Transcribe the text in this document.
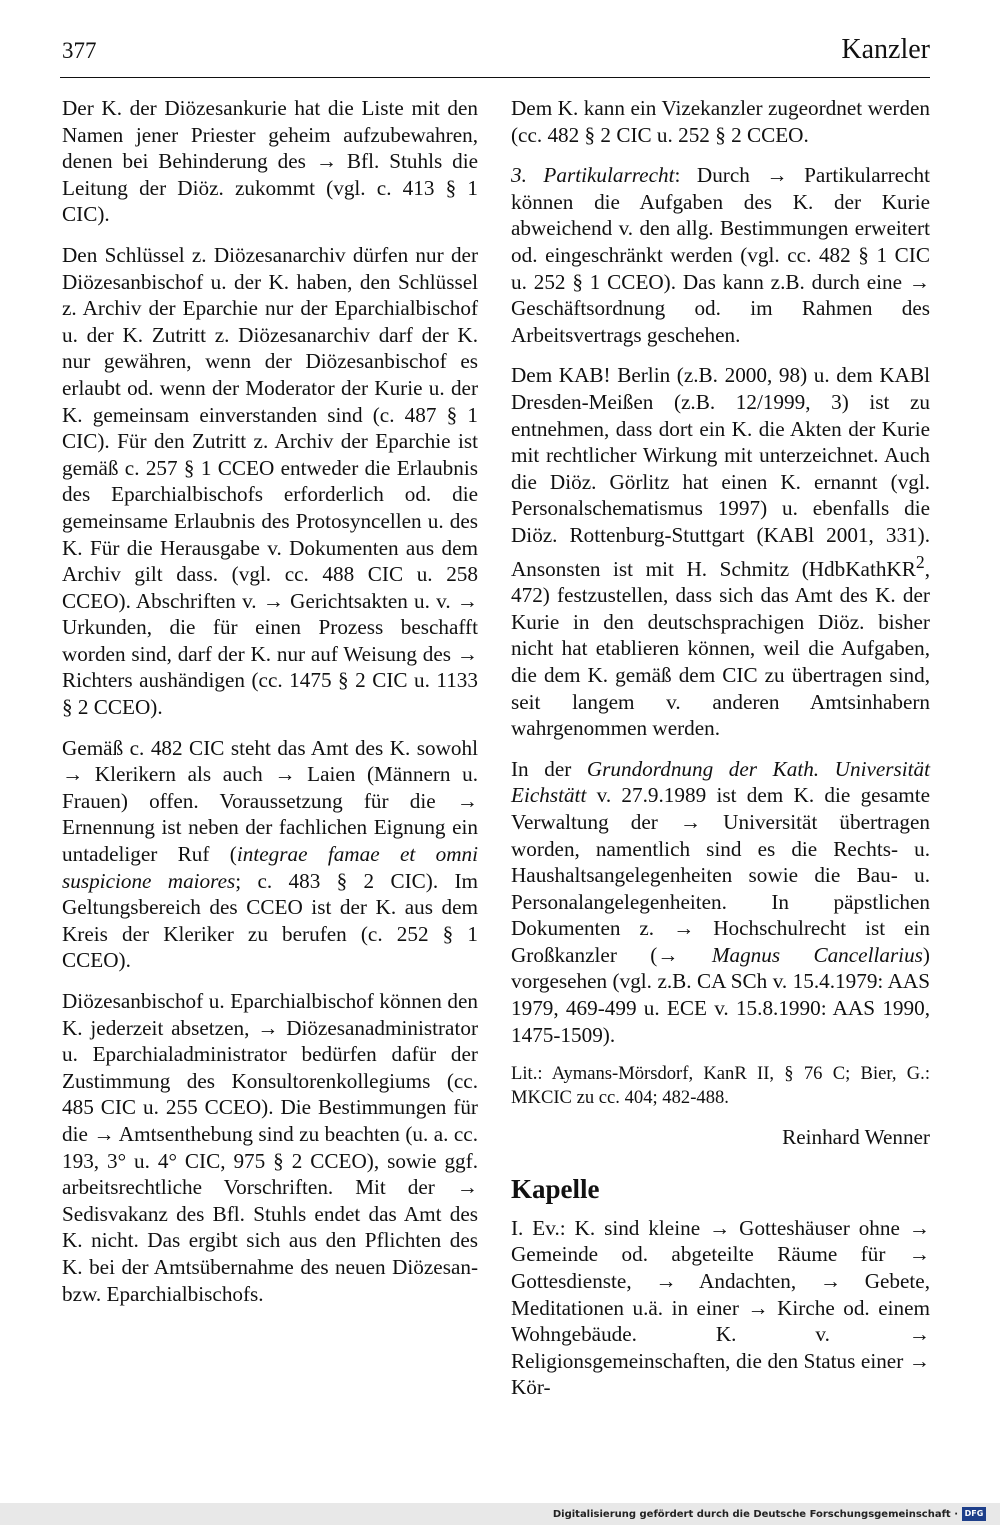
377	Kanzler

Der K. der Diözesankurie hat die Liste mit den Namen jener Priester geheim aufzubewahren, denen bei Behinderung des → Bfl. Stuhls die Leitung der Diöz. zukommt (vgl. c. 413 § 1 CIC).

Den Schlüssel z. Diözesanarchiv dürfen nur der Diözesanbischof u. der K. haben, den Schlüssel z. Archiv der Eparchie nur der Eparchialbischof u. der K. Zutritt z. Diözesanarchiv darf der K. nur gewähren, wenn der Diözesanbischof es erlaubt od. wenn der Moderator der Kurie u. der K. gemeinsam einverstanden sind (c. 487 § 1 CIC). Für den Zutritt z. Archiv der Eparchie ist gemäß c. 257 § 1 CCEO entweder die Erlaubnis des Eparchialbischofs erforderlich od. die gemeinsame Erlaubnis des Protosyncellen u. des K. Für die Herausgabe v. Dokumenten aus dem Archiv gilt dass. (vgl. cc. 488 CIC u. 258 CCEO). Abschriften v. → Gerichtsakten u. v. → Urkunden, die für einen Prozess beschafft worden sind, darf der K. nur auf Weisung des → Richters aushändigen (cc. 1475 § 2 CIC u. 1133 § 2 CCEO).

Gemäß c. 482 CIC steht das Amt des K. sowohl → Klerikern als auch → Laien (Männern u. Frauen) offen. Voraussetzung für die → Ernennung ist neben der fachlichen Eignung ein untadeliger Ruf (integrae famae et omni suspicione maiores; c. 483 § 2 CIC). Im Geltungsbereich des CCEO ist der K. aus dem Kreis der Kleriker zu berufen (c. 252 § 1 CCEO).

Diözesanbischof u. Eparchialbischof können den K. jederzeit absetzen, → Diözesanadministrator u. Eparchialadministrator bedürfen dafür der Zustimmung des Konsultorenkollegiums (cc. 485 CIC u. 255 CCEO). Die Bestimmungen für die → Amtsenthebung sind zu beachten (u. a. cc. 193, 3° u. 4° CIC, 975 § 2 CCEO), sowie ggf. arbeitsrechtliche Vorschriften. Mit der → Sedisvakanz des Bfl. Stuhls endet das Amt des K. nicht. Das ergibt sich aus den Pflichten des K. bei der Amtsübernahme des neuen Diözesan- bzw. Eparchialbischofs.

Dem K. kann ein Vizekanzler zugeordnet werden (cc. 482 § 2 CIC u. 252 § 2 CCEO.

3. Partikularrecht: Durch → Partikularrecht können die Aufgaben des K. der Kurie abweichend v. den allg. Bestimmungen erweitert od. eingeschränkt werden (vgl. cc. 482 § 1 CIC u. 252 § 1 CCEO). Das kann z.B. durch eine → Geschäftsordnung od. im Rahmen des Arbeitsvertrags geschehen.

Dem KAB! Berlin (z.B. 2000, 98) u. dem KABl Dresden-Meißen (z.B. 12/1999, 3) ist zu entnehmen, dass dort ein K. die Akten der Kurie mit rechtlicher Wirkung mit unterzeichnet. Auch die Diöz. Görlitz hat einen K. ernannt (vgl. Personalschematismus 1997) u. ebenfalls die Diöz. Rottenburg-Stuttgart (KABl 2001, 331). Ansonsten ist mit H. Schmitz (HdbKathKR$^2$, 472) festzustellen, dass sich das Amt des K. der Kurie in den deutschsprachigen Diöz. bisher nicht hat etablieren können, weil die Aufgaben, die dem K. gemäß dem CIC zu übertragen sind, seit langem v. anderen Amtsinhabern wahrgenommen werden.

In der Grundordnung der Kath. Universität Eichstätt v. 27.9.1989 ist dem K. die gesamte Verwaltung der → Universität übertragen worden, namentlich sind es die Rechts- u. Haushaltsangelegenheiten sowie die Bau- u. Personalangelegenheiten. In päpstlichen Dokumenten z. → Hochschulrecht ist ein Großkanzler (→ Magnus Cancellarius) vorgesehen (vgl. z.B. CA SCh v. 15.4.1979: AAS 1979, 469-499 u. ECE v. 15.8.1990: AAS 1990, 1475-1509).

Lit.: Aymans-Mörsdorf, KanR II, § 76 C; Bier, G.: MKCIC zu cc. 404; 482-488.

Reinhard Wenner

Kapelle

I. Ev.: K. sind kleine → Gotteshäuser ohne → Gemeinde od. abgeteilte Räume für → Gottesdienste, → Andachten, → Gebete, Meditationen u.ä. in einer → Kirche od. einem Wohngebäude. K. v. → Religionsgemeinschaften, die den Status einer → Kör-

Digitalisierung gefördert durch die Deutsche Forschungsgemeinschaft · DFG
